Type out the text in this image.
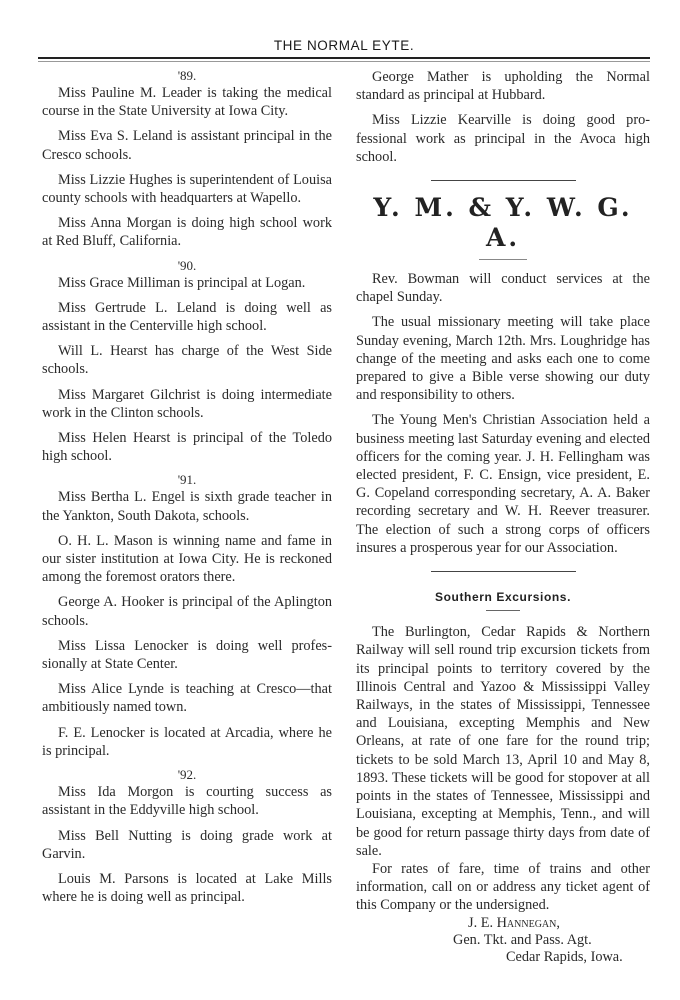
THE NORMAL EYTE.
'89.

Miss Pauline M. Leader is taking the medical course in the State University at Iowa City.

Miss Eva S. Leland is assistant principal in the Cresco schools.

Miss Lizzie Hughes is superintendent of Louisa county schools with headquarters at Wapello.

Miss Anna Morgan is doing high school work at Red Bluff, California.

'90.

Miss Grace Milliman is principal at Logan.

Miss Gertrude L. Leland is doing well as assistant in the Centerville high school.

Will L. Hearst has charge of the West Side schools.

Miss Margaret Gilchrist is doing intermediate work in the Clinton schools.

Miss Helen Hearst is principal of the Toledo high school.

'91.

Miss Bertha L. Engel is sixth grade teacher in the Yankton, South Dakota, schools.

O. H. L. Mason is winning name and fame in our sister institution at Iowa City. He is reckoned among the foremost orators there.

George A. Hooker is principal of the Aplington schools.

Miss Lissa Lenocker is doing well professionally at State Center.

Miss Alice Lynde is teaching at Cresco—that ambitiously named town.

F. E. Lenocker is located at Arcadia, where he is principal.

'92.

Miss Ida Morgon is courting success as assistant in the Eddyville high school.

Miss Bell Nutting is doing grade work at Garvin.

Louis M. Parsons is located at Lake Mills where he is doing well as principal.

George Mather is upholding the Normal standard as principal at Hubbard.

Miss Lizzie Kearville is doing good professional work as principal in the Avoca high school.

Y. M. & Y. W. G. A.

Rev. Bowman will conduct services at the chapel Sunday.

The usual missionary meeting will take place Sunday evening, March 12th. Mrs. Loughridge has change of the meeting and asks each one to come prepared to give a Bible verse showing our duty and responsibility to others.

The Young Men's Christian Association held a business meeting last Saturday evening and elected officers for the coming year. J. H. Fellingham was elected president, F. C. Ensign, vice president, E. G. Copeland corresponding secretary, A. A. Baker recording secretary and W. H. Reever treasurer. The election of such a strong corps of officers insures a prosperous year for our Association.

Southern Excursions.

The Burlington, Cedar Rapids & Northern Railway will sell round trip excursion tickets from its principal points to territory covered by the Illinois Central and Yazoo & Mississippi Valley Railways, in the states of Mississippi, Tennessee and Louisiana, excepting Memphis and New Orleans, at rate of one fare for the round trip; tickets to be sold March 13, April 10 and May 8, 1893. These tickets will be good for stopover at all points in the states of Tennessee, Mississippi and Louisiana, excepting at Memphis, Tenn., and will be good for return passage thirty days from date of sale.

For rates of fare, time of trains and other information, call on or address any ticket agent of this Company or the undersigned.

J. E. Hannegan,
Gen. Tkt. and Pass. Agt.
Cedar Rapids, Iowa.
